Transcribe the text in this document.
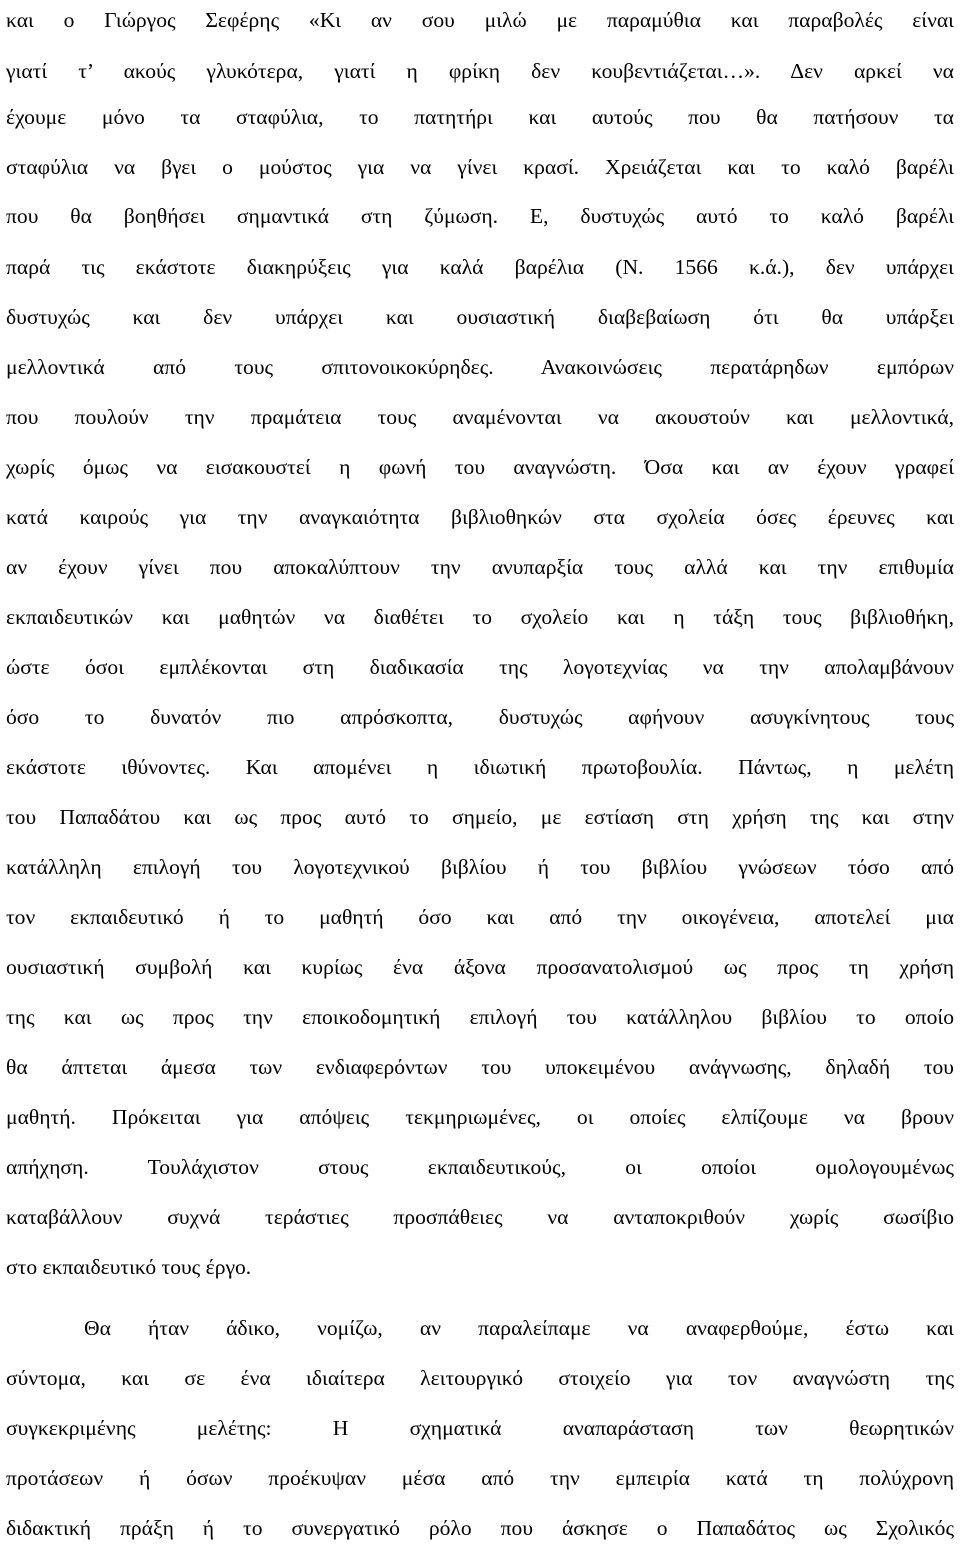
και ο Γιώργος Σεφέρης «Κι αν σου μιλώ με παραμύθια και παραβολές είναι
γιατί τ’ ακούς γλυκότερα, γιατί η φρίκη δεν κουβεντιάζεται…». Δεν αρκεί να
έχουμε μόνο τα σταφύλια, το πατητήρι και αυτούς που θα πατήσουν τα
σταφύλια να βγει ο μούστος για να γίνει κρασί. Χρειάζεται και το καλό βαρέλι
που θα βοηθήσει σημαντικά στη ζύμωση. Ε, δυστυχώς αυτό το καλό βαρέλι
παρά τις εκάστοτε διακηρύξεις για καλά βαρέλια (Ν. 1566 κ.ά.), δεν υπάρχει
δυστυχώς και δεν υπάρχει και ουσιαστική διαβεβαίωση ότι θα υπάρξει
μελλοντικά από τους σπιτονοικοκύρηδες. Ανακοινώσεις περατάρηδων εμπόρων
που πουλούν την πραμάτεια τους αναμένονται να ακουστούν και μελλοντικά,
χωρίς όμως να εισακουστεί η φωνή του αναγνώστη. Όσα και αν έχουν γραφεί
κατά καιρούς για την αναγκαιότητα βιβλιοθηκών στα σχολεία όσες έρευνες και
αν έχουν γίνει που αποκαλύπτουν την ανυπαρξία τους αλλά και την επιθυμία
εκπαιδευτικών και μαθητών να διαθέτει το σχολείο και η τάξη τους βιβλιοθήκη,
ώστε όσοι εμπλέκονται στη διαδικασία της λογοτεχνίας να την απολαμβάνουν
όσο το δυνατόν πιο απρόσκοπτα, δυστυχώς αφήνουν ασυγκίνητους τους
εκάστοτε ιθύνοντες. Και απομένει η ιδιωτική πρωτοβουλία. Πάντως, η μελέτη
του Παπαδάτου και ως προς αυτό το σημείο, με εστίαση στη χρήση της και στην
κατάλληλη επιλογή του λογοτεχνικού βιβλίου ή του βιβλίου γνώσεων τόσο από
τον εκπαιδευτικό ή το μαθητή όσο και από την οικογένεια, αποτελεί μια
ουσιαστική συμβολή και κυρίως ένα άξονα προσανατολισμού ως προς τη χρήση
της και ως προς την εποικοδομητική επιλογή του κατάλληλου βιβλίου το οποίο
θα άπτεται άμεσα των ενδιαφερόντων του υποκειμένου ανάγνωσης, δηλαδή του
μαθητή. Πρόκειται για απόψεις τεκμηριωμένες, οι οποίες ελπίζουμε να βρουν
απήχηση. Τουλάχιστον στους εκπαιδευτικούς, οι οποίοι ομολογουμένως
καταβάλλουν συχνά τεράστιες προσπάθειες να ανταποκριθούν χωρίς σωσίβιο
στο εκπαιδευτικό τους έργο.
Θα ήταν άδικο, νομίζω, αν παραλείπαμε να αναφερθούμε, έστω και
σύντομα, και σε ένα ιδιαίτερα λειτουργικό στοιχείο για τον αναγνώστη της
συγκεκριμένης μελέτης: Η σχηματικά αναπαράσταση των θεωρητικών
προτάσεων ή όσων προέκυψαν μέσα από την εμπειρία κατά τη πολύχρονη
διδακτική πράξη ή το συνεργατικό ρόλο που άσκησε ο Παπαδάτος ως Σχολικός
